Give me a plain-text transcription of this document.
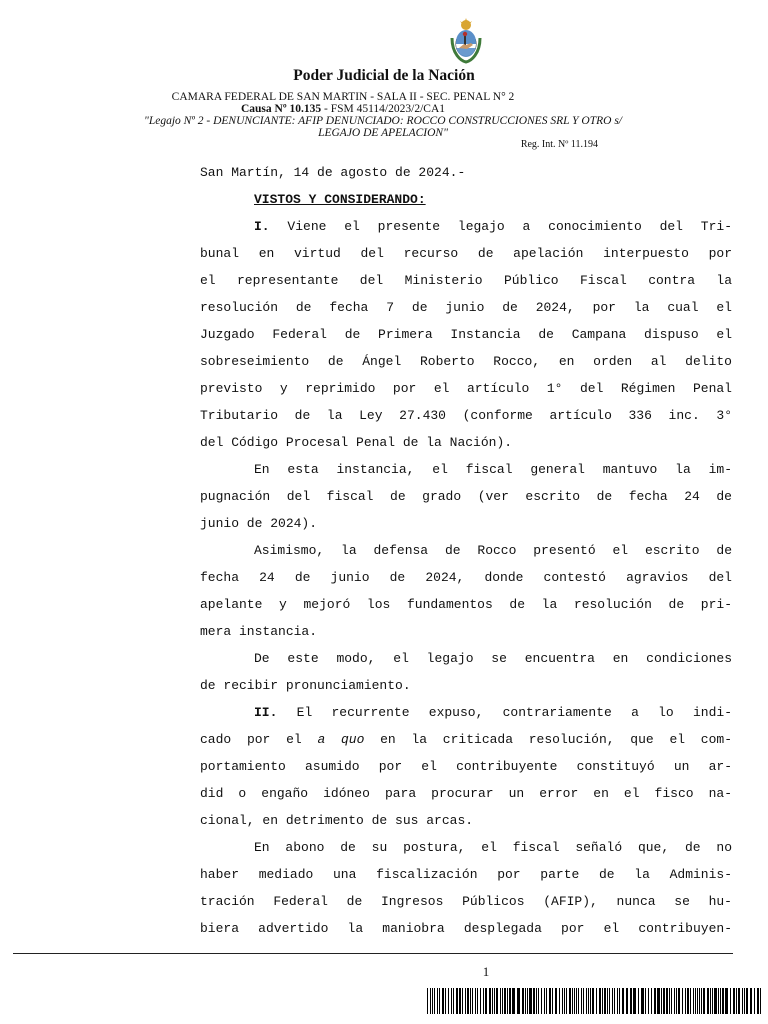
Poder Judicial de la Nación
CAMARA FEDERAL DE SAN MARTIN - SALA II - SEC. PENAL N° 2
Causa Nº 10.135 - FSM 45114/2023/2/CA1
"Legajo Nº 2 - DENUNCIANTE: AFIP DENUNCIADO: ROCCO CONSTRUCCIONES SRL Y OTRO s/
LEGAJO DE APELACION"
Reg. Int. Nº 11.194
San Martín, 14 de agosto de 2024.-
VISTOS Y CONSIDERANDO:
I. Viene el presente legajo a conocimiento del Tri-
bunal en virtud del recurso de apelación interpuesto por
el representante del Ministerio Público Fiscal contra la
resolución de fecha 7 de junio de 2024, por la cual el
Juzgado Federal de Primera Instancia de Campana dispuso el
sobreseimiento de Ángel Roberto Rocco, en orden al delito
previsto y reprimido por el artículo 1° del Régimen Penal
Tributario de la Ley 27.430 (conforme artículo 336 inc. 3°
del Código Procesal Penal de la Nación).
En esta instancia, el fiscal general mantuvo la im-
pugnación del fiscal de grado (ver escrito de fecha 24 de
junio de 2024).
Asimismo, la defensa de Rocco presentó el escrito de
fecha 24 de junio de 2024, donde contestó agravios del
apelante y mejoró los fundamentos de la resolución de pri-
mera instancia.
De este modo, el legajo se encuentra en condiciones
de recibir pronunciamiento.
II. El recurrente expuso, contrariamente a lo indi-
cado por el a quo en la criticada resolución, que el com-
portamiento asumido por el contribuyente constituyó un ar-
did o engaño idóneo para procurar un error en el fisco na-
cional, en detrimento de sus arcas.
En abono de su postura, el fiscal señaló que, de no
haber mediado una fiscalización por parte de la Adminis-
tración Federal de Ingresos Públicos (AFIP), nunca se hu-
biera advertido la maniobra desplegada por el contribuyen-
1
